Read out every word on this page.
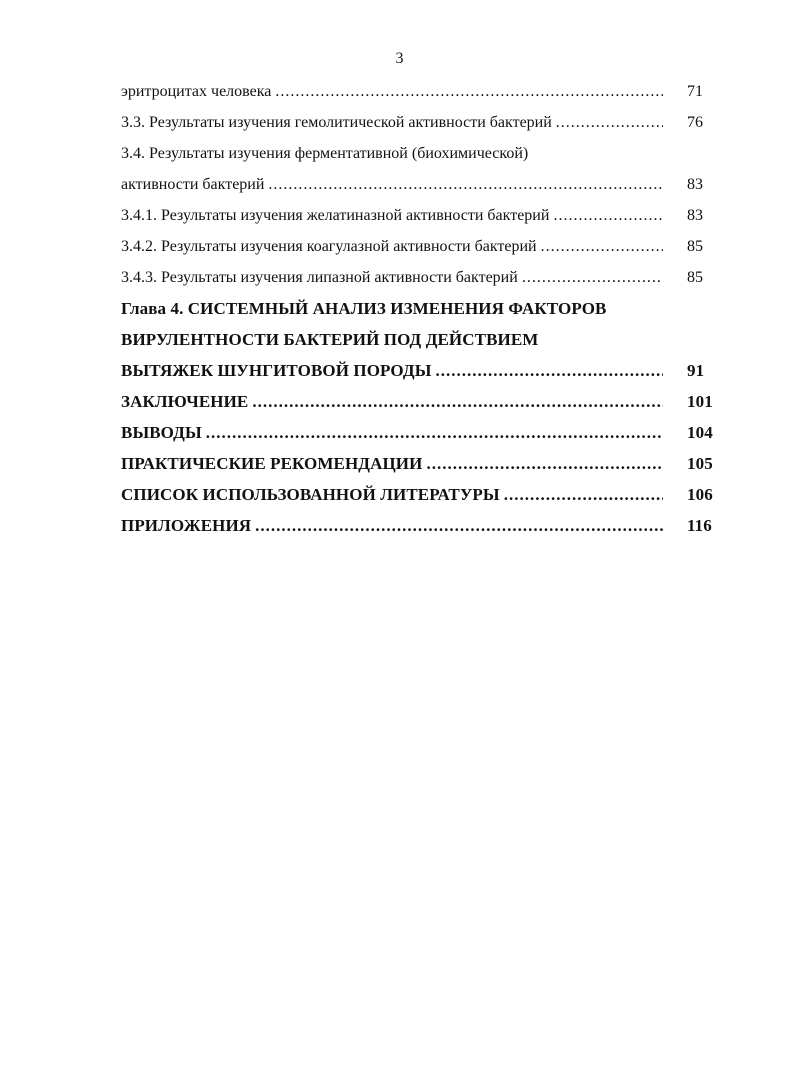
3
эритроцитах человека .....	71
3.3. Результаты изучения гемолитической активности бактерий .....	76
3.4. Результаты изучения ферментативной (биохимической)
активности бактерий .....	83
3.4.1. Результаты изучения желатиназной активности бактерий .....	83
3.4.2. Результаты изучения коагулазной активности бактерий .....	85
3.4.3. Результаты изучения липазной активности бактерий .....	85
Глава 4. СИСТЕМНЫЙ АНАЛИЗ ИЗМЕНЕНИЯ ФАКТОРОВ
ВИРУЛЕНТНОСТИ БАКТЕРИЙ ПОД ДЕЙСТВИЕМ
ВЫТЯЖЕК ШУНГИТОВОЙ ПОРОДЫ .....	91
ЗАКЛЮЧЕНИЕ .....	101
ВЫВОДЫ .....	104
ПРАКТИЧЕСКИЕ РЕКОМЕНДАЦИИ .....	105
СПИСОК ИСПОЛЬЗОВАННОЙ ЛИТЕРАТУРЫ .....	106
ПРИЛОЖЕНИЯ .....	116
